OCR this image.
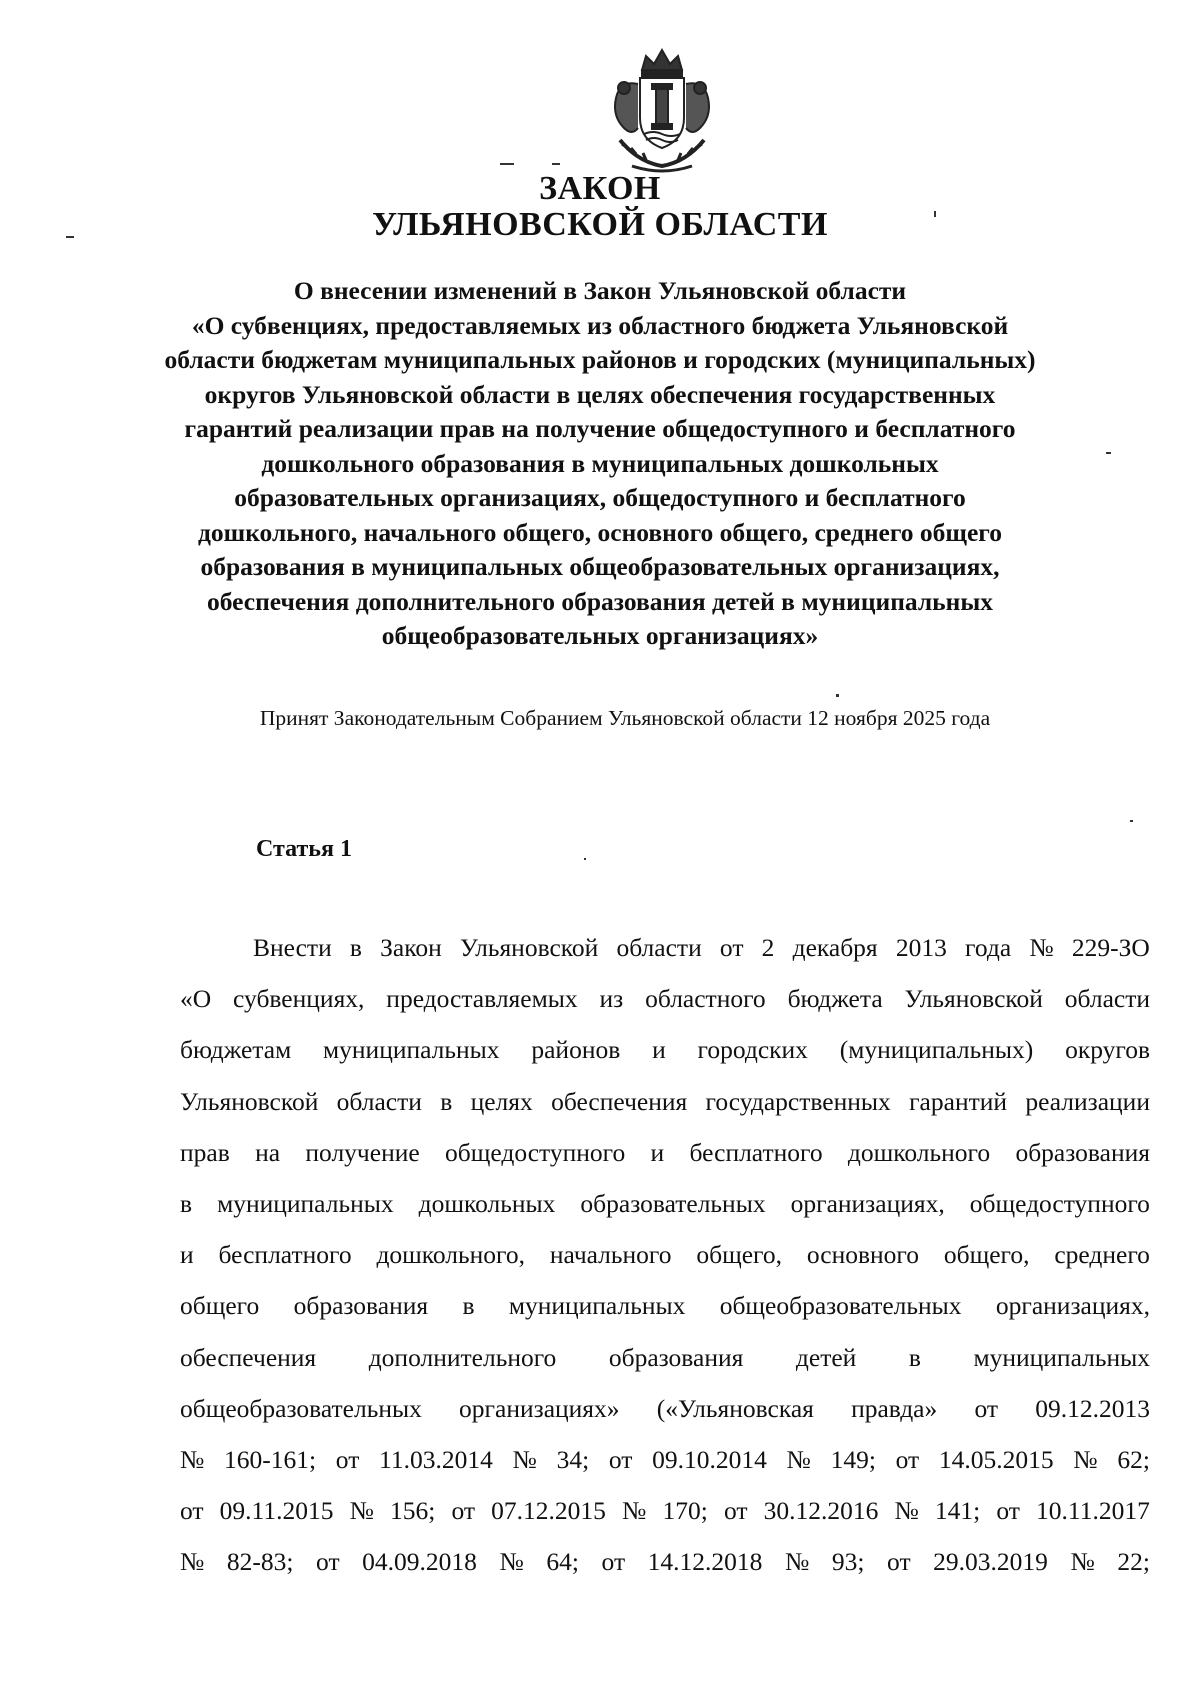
ЗАКОН
УЛЬЯНОВСКОЙ ОБЛАСТИ
О внесении изменений в Закон Ульяновской области
«О субвенциях, предоставляемых из областного бюджета Ульяновской
области бюджетам муниципальных районов и городских (муниципальных)
округов Ульяновской области в целях обеспечения государственных
гарантий реализации прав на получение общедоступного и бесплатного
дошкольного образования в муниципальных дошкольных
образовательных организациях, общедоступного и бесплатного
дошкольного, начального общего, основного общего, среднего общего
образования в муниципальных общеобразовательных организациях,
обеспечения дополнительного образования детей в муниципальных
общеобразовательных организациях»
Принят Законодательным Собранием Ульяновской области 12 ноября 2025 года
Статья 1
Внести в Закон Ульяновской области от 2 декабря 2013 года № 229-ЗО
«О субвенциях, предоставляемых из областного бюджета Ульяновской области
бюджетам муниципальных районов и городских (муниципальных) округов
Ульяновской области в целях обеспечения государственных гарантий реализации
прав на получение общедоступного и бесплатного дошкольного образования
в муниципальных дошкольных образовательных организациях, общедоступного
и бесплатного дошкольного, начального общего, основного общего, среднего
общего образования в муниципальных общеобразовательных организациях,
обеспечения дополнительного образования детей в муниципальных
общеобразовательных организациях» («Ульяновская правда» от 09.12.2013
№ 160-161; от 11.03.2014 № 34; от 09.10.2014 № 149; от 14.05.2015 № 62;
от 09.11.2015 № 156; от 07.12.2015 № 170; от 30.12.2016 № 141; от 10.11.2017
№ 82-83; от 04.09.2018 № 64; от 14.12.2018 № 93; от 29.03.2019 № 22;
